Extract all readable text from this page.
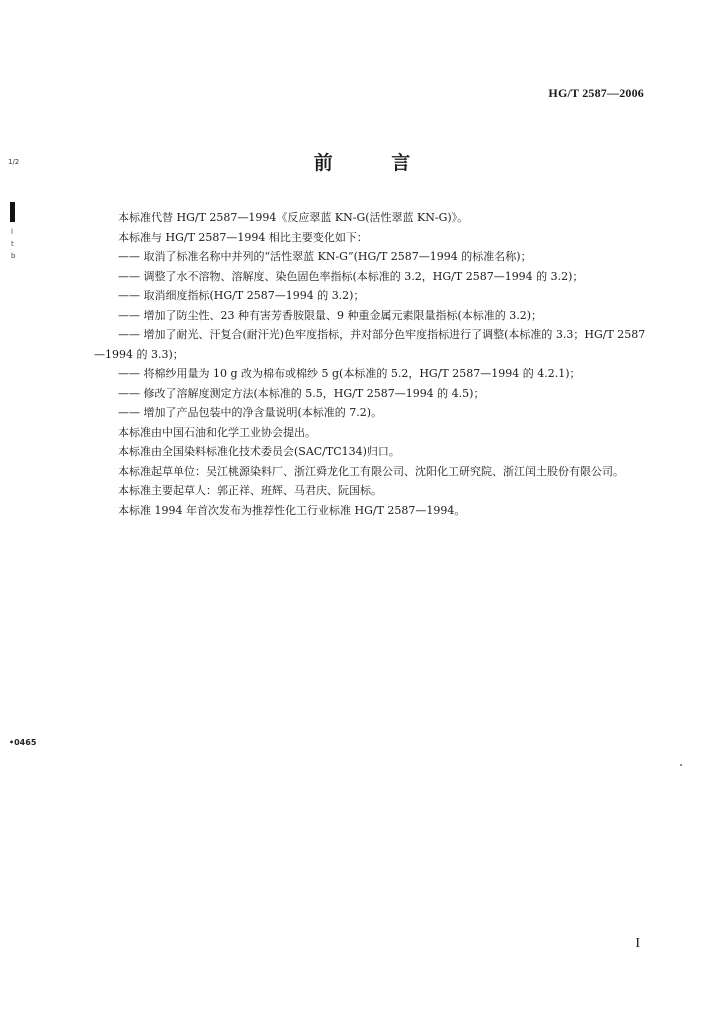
HG/T 2587—2006
前 言
本标准代替 HG/T 2587—1994《反应翠蓝 KN-G(活性翠蓝 KN-G)》。
本标准与 HG/T 2587—1994 相比主要变化如下：
—— 取消了标准名称中并列的“活性翠蓝 KN-G”(HG/T 2587—1994 的标准名称)；
—— 调整了水不溶物、溶解度、染色固色率指标(本标准的 3.2，HG/T 2587—1994 的 3.2)；
—— 取消细度指标(HG/T 2587—1994 的 3.2)；
—— 增加了防尘性、23 种有害芳香胺限量、9 种重金属元素限量指标(本标准的 3.2)；
—— 增加了耐光、汗复合(耐汗光)色牢度指标，并对部分色牢度指标进行了调整(本标准的 3.3；HG/T 2587—1994 的 3.3)；
—— 将棉纱用量为 10 g 改为棉布或棉纱 5 g(本标准的 5.2，HG/T 2587—1994 的 4.2.1)；
—— 修改了溶解度测定方法(本标准的 5.5，HG/T 2587—1994 的 4.5)；
—— 增加了产品包装中的净含量说明(本标准的 7.2)。
本标准由中国石油和化学工业协会提出。
本标准由全国染料标准化技术委员会(SAC/TC134)归口。
本标准起草单位：吴江桃源染料厂、浙江舜龙化工有限公司、沈阳化工研究院、浙江闰土股份有限公司。
本标准主要起草人：郭正祥、班辉、马君庆、阮国标。
本标准 1994 年首次发布为推荐性化工行业标准 HG/T 2587—1994。
I
1/2
l
t
b
•0465
